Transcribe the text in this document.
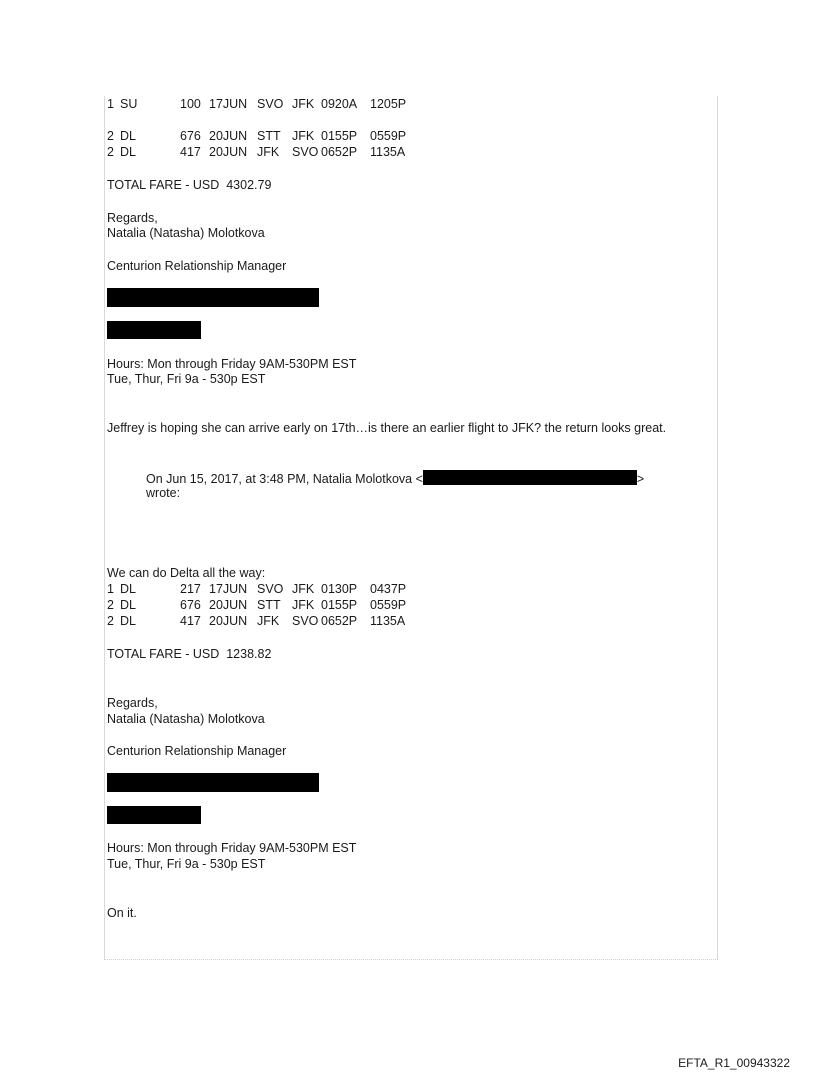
1 SU	100 17JUN SVO JFK 0920A 1205P
2 DL	676 20JUN STT JFK 0155P 0559P
2 DL	417 20JUN JFK SVO 0652P 1135A
TOTAL FARE - USD  4302.79
Regards,
Natalia (Natasha) Molotkova
Centurion Relationship Manager
Hours: Mon through Friday 9AM-530PM EST
Tue, Thur, Fri 9a - 530p EST
Jeffrey is hoping she can arrive early on 17th…is there an earlier flight to JFK? the return looks great.
On Jun 15, 2017, at 3:48 PM, Natalia Molotkova <	>
wrote:
We can do Delta all the way:
1 DL	217 17JUN SVO JFK 0130P 0437P
2 DL	676 20JUN STT JFK 0155P 0559P
2 DL	417 20JUN JFK SVO 0652P 1135A
TOTAL FARE - USD  1238.82
Regards,
Natalia (Natasha) Molotkova
Centurion Relationship Manager
Hours: Mon through Friday 9AM-530PM EST
Tue, Thur, Fri 9a - 530p EST
On it.
EFTA_R1_00943322
